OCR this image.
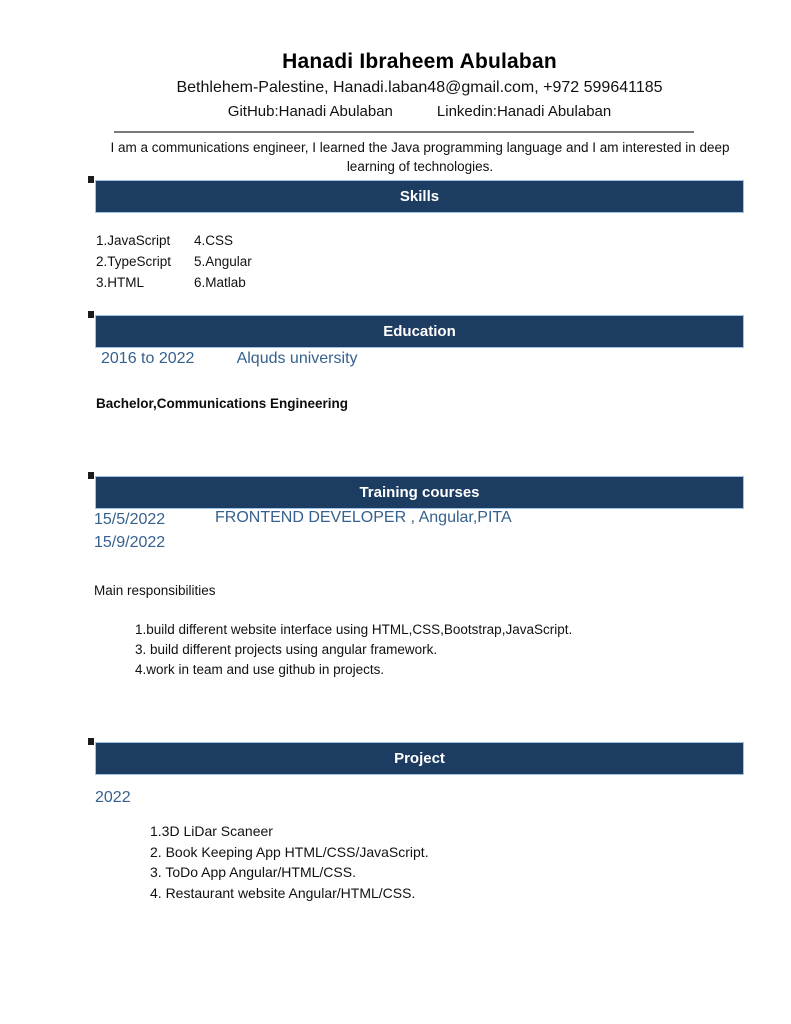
Hanadi Ibraheem Abulaban
Bethlehem-Palestine, Hanadi.laban48@gmail.com, +972 599641185
GitHub:Hanadi Abulaban	Linkedin:Hanadi Abulaban
I am a communications engineer, I learned the Java programming language and I am interested in deep learning of technologies.
Skills
1.JavaScript
2.TypeScript
3.HTML
4.CSS
5.Angular
6.Matlab
Education
2016 to 2022	Alquds university
Bachelor,Communications Engineering
Training courses
15/5/2022
15/9/2022
FRONTEND DEVELOPER , Angular,PITA
Main responsibilities
1.build different website interface using HTML,CSS,Bootstrap,JavaScript.
3. build different projects using angular framework.
4.work in team and use github in projects.
Project
2022
1.3D LiDar Scaneer
2. Book Keeping App HTML/CSS/JavaScript.
3. ToDo App Angular/HTML/CSS.
4. Restaurant website Angular/HTML/CSS.
